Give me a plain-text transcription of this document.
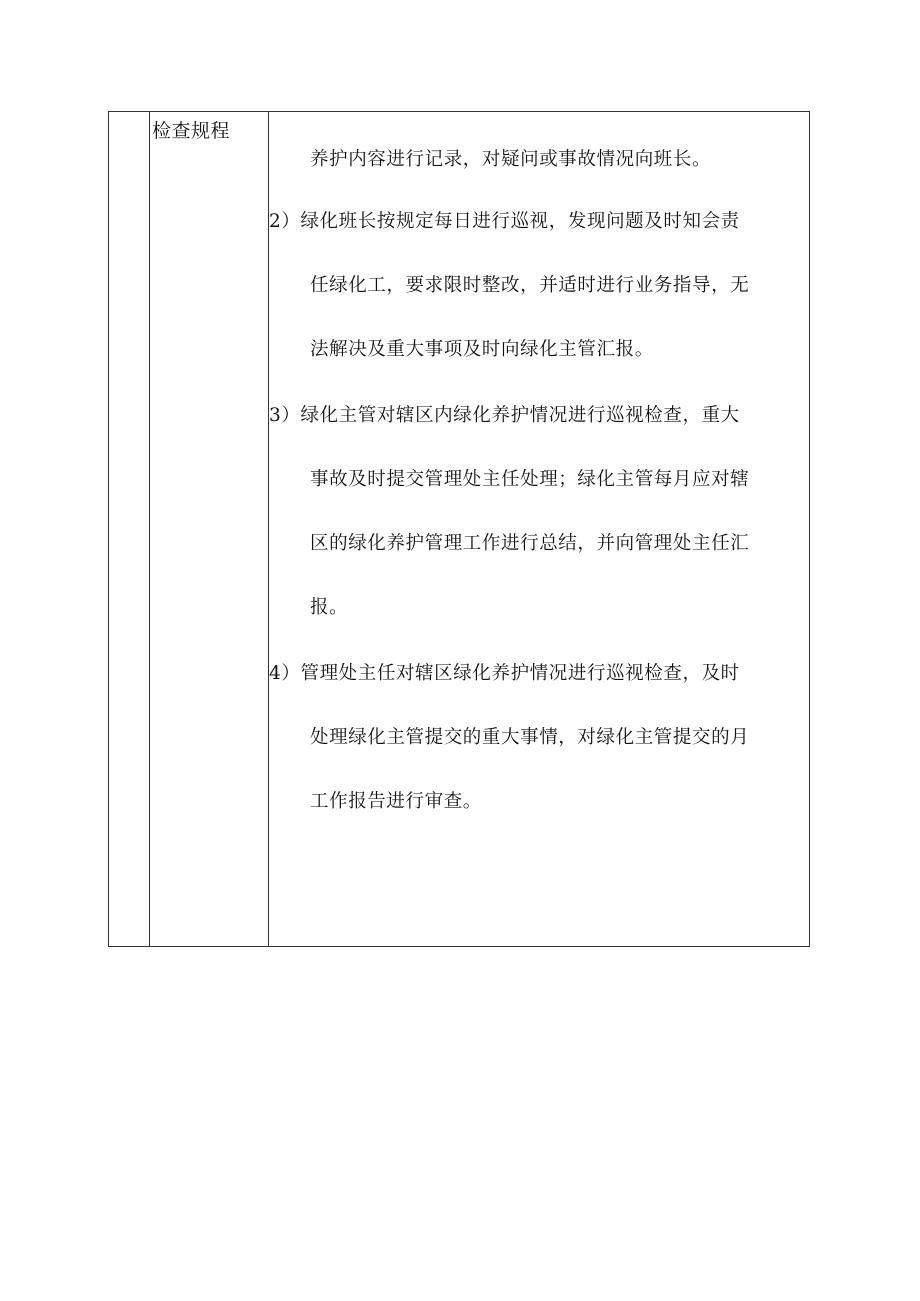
检查规程
养护内容进行记录，对疑问或事故情况向班长。
2）绿化班长按规定每日进行巡视，发现问题及时知会责
任绿化工，要求限时整改，并适时进行业务指导，无
法解决及重大事项及时向绿化主管汇报。
3）绿化主管对辖区内绿化养护情况进行巡视检查，重大
事故及时提交管理处主任处理；绿化主管每月应对辖
区的绿化养护管理工作进行总结，并向管理处主任汇
报。
4）管理处主任对辖区绿化养护情况进行巡视检查，及时
处理绿化主管提交的重大事情，对绿化主管提交的月
工作报告进行审查。
